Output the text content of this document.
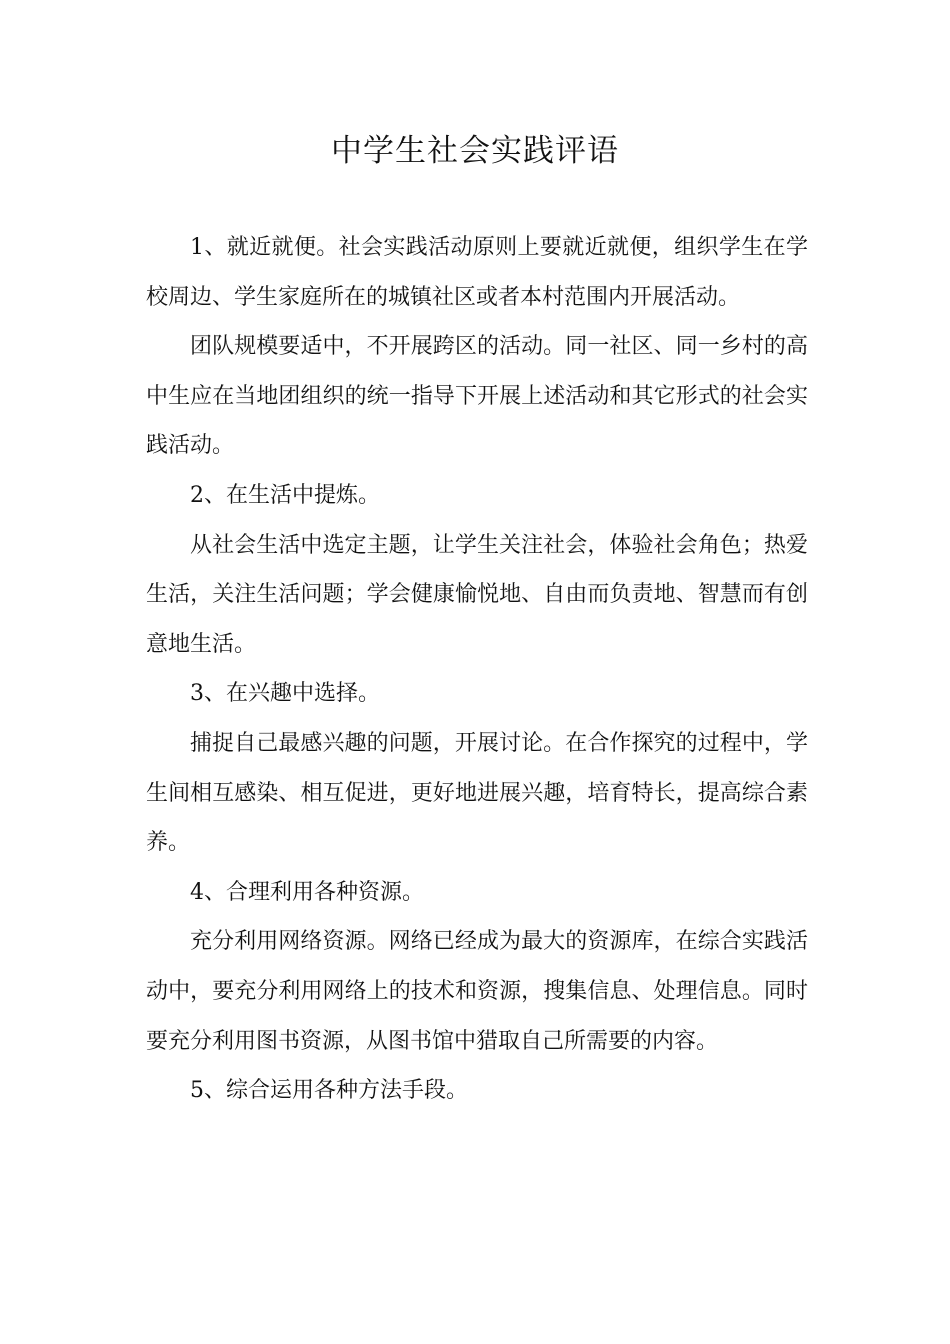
中学生社会实践评语

1、就近就便。社会实践活动原则上要就近就便，组织学生在学校周边、学生家庭所在的城镇社区或者本村范围内开展活动。

团队规模要适中，不开展跨区的活动。同一社区、同一乡村的高中生应在当地团组织的统一指导下开展上述活动和其它形式的社会实践活动。

2、在生活中提炼。

从社会生活中选定主题，让学生关注社会，体验社会角色；热爱生活，关注生活问题；学会健康愉悦地、自由而负责地、智慧而有创意地生活。

3、在兴趣中选择。

捕捉自己最感兴趣的问题，开展讨论。在合作探究的过程中，学生间相互感染、相互促进，更好地进展兴趣，培育特长，提高综合素养。

4、合理利用各种资源。

充分利用网络资源。网络已经成为最大的资源库，在综合实践活动中，要充分利用网络上的技术和资源，搜集信息、处理信息。同时要充分利用图书资源，从图书馆中猎取自己所需要的内容。

5、综合运用各种方法手段。
